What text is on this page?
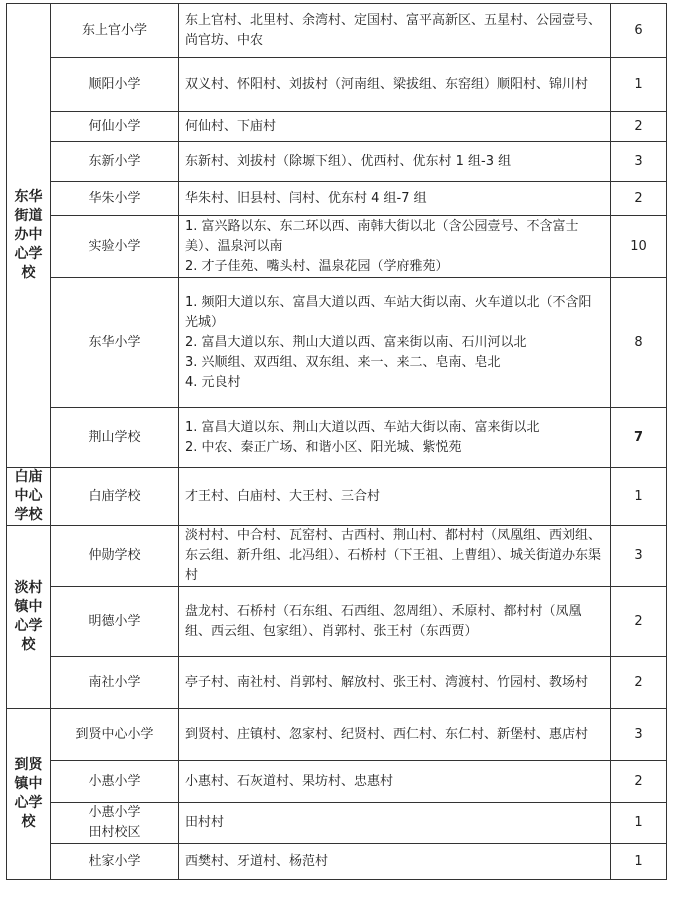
东华
街道
办中
心学
校	东上官小学	东上官村、北里村、余湾村、定国村、富平高新区、五星村、公园壹号、尚官坊、中农	6

	顺阳小学	双义村、怀阳村、刘拔村（河南组、梁拔组、东窑组）顺阳村、锦川村	1

	何仙小学	何仙村、下庙村	2

	东新小学	东新村、刘拔村（除塬下组）、优西村、优东村 1 组-3 组	3

	华朱小学	华朱村、旧县村、闫村、优东村 4 组-7 组	2

	实验小学	1. 富兴路以东、东二环以西、南韩大街以北（含公园壹号、不含富士美）、温泉河以南
2. 才子佳苑、嘴头村、温泉花园（学府雅苑）	10

	东华小学	1. 频阳大道以东、富昌大道以西、车站大街以南、火车道以北（不含阳光城）
2. 富昌大道以东、荆山大道以西、富来街以南、石川河以北
3. 兴顺组、双西组、双东组、来一、来二、皂南、皂北
4. 元良村	8

	荆山学校	1. 富昌大道以东、荆山大道以西、车站大街以南、富来街以北
2. 中农、秦正广场、和谐小区、阳光城、紫悦苑	7

白庙
中心
学校	白庙学校	才王村、白庙村、大王村、三合村	1

淡村
镇中
心学
校	仲勋学校	淡村村、中合村、瓦窑村、古西村、荆山村、都村村（凤凰组、西刘组、东云组、新升组、北冯组）、石桥村（下王祖、上曹组）、城关街道办东渠村	3

	明德小学	盘龙村、石桥村（石东组、石西组、忽周组）、禾原村、都村村（凤凰组、西云组、包家组）、肖郭村、张王村（东西贾）	2

	南社小学	亭子村、南社村、肖郭村、解放村、张王村、湾渡村、竹园村、教场村	2

到贤
镇中
心学
校	到贤中心小学	到贤村、庄镇村、忽家村、纪贤村、西仁村、东仁村、新堡村、惠店村	3

	小惠小学	小惠村、石灰道村、果坊村、忠惠村	2

	小惠小学
田村校区	田村村	1

	杜家小学	西樊村、牙道村、杨范村	1
